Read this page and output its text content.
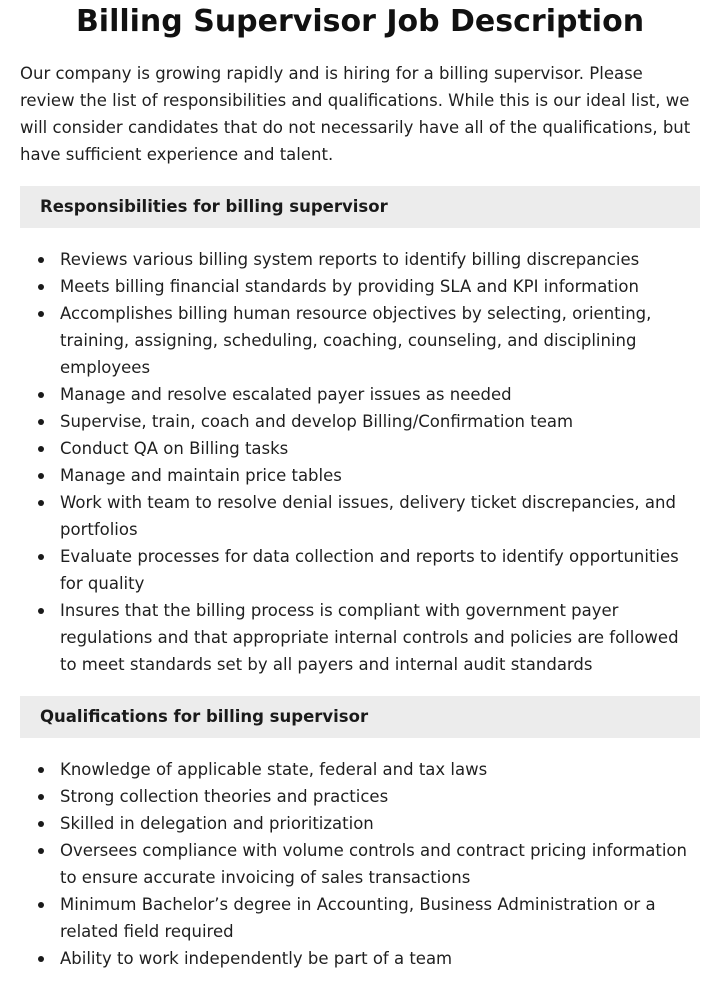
Billing Supervisor Job Description

Our company is growing rapidly and is hiring for a billing supervisor. Please review the list of responsibilities and qualifications. While this is our ideal list, we will consider candidates that do not necessarily have all of the qualifications, but have sufficient experience and talent.

Responsibilities for billing supervisor
Reviews various billing system reports to identify billing discrepancies
Meets billing financial standards by providing SLA and KPI information
Accomplishes billing human resource objectives by selecting, orienting, training, assigning, scheduling, coaching, counseling, and disciplining employees
Manage and resolve escalated payer issues as needed
Supervise, train, coach and develop Billing/Confirmation team
Conduct QA on Billing tasks
Manage and maintain price tables
Work with team to resolve denial issues, delivery ticket discrepancies, and portfolios
Evaluate processes for data collection and reports to identify opportunities for quality
Insures that the billing process is compliant with government payer regulations and that appropriate internal controls and policies are followed to meet standards set by all payers and internal audit standards
Qualifications for billing supervisor
Knowledge of applicable state, federal and tax laws
Strong collection theories and practices
Skilled in delegation and prioritization
Oversees compliance with volume controls and contract pricing information to ensure accurate invoicing of sales transactions
Minimum Bachelor’s degree in Accounting, Business Administration or a related field required
Ability to work independently be part of a team
